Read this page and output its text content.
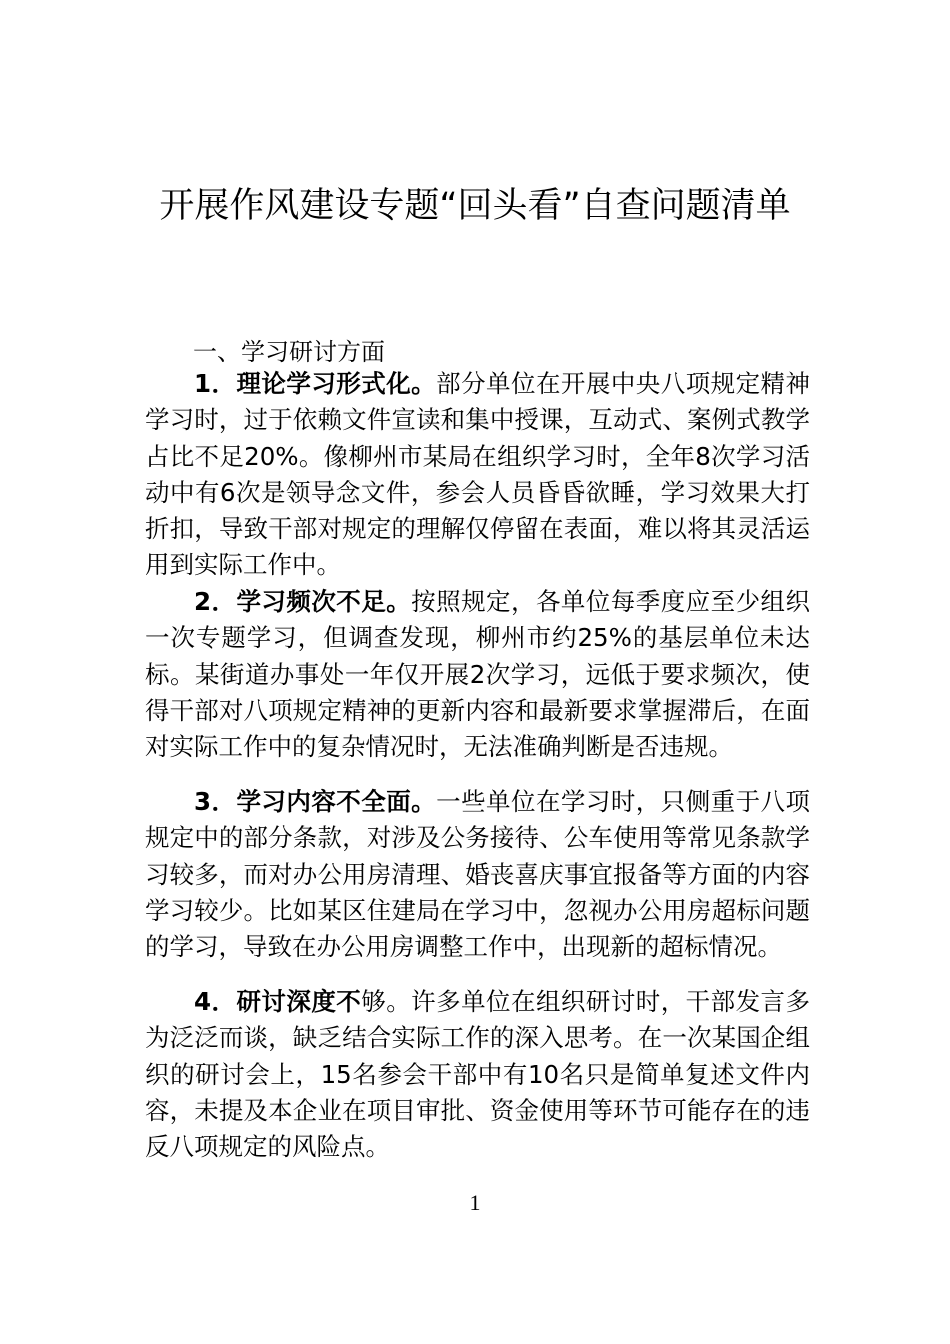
开展作风建设专题“回头看”自查问题清单

一、学习研讨方面

1．理论学习形式化。部分单位在开展中央八项规定精神学习时，过于依赖文件宣读和集中授课，互动式、案例式教学占比不足20%。像柳州市某局在组织学习时，全年8次学习活动中有6次是领导念文件，参会人员昏昏欲睡，学习效果大打折扣，导致干部对规定的理解仅停留在表面，难以将其灵活运用到实际工作中。

2．学习频次不足。按照规定，各单位每季度应至少组织一次专题学习，但调查发现，柳州市约25%的基层单位未达标。某街道办事处一年仅开展2次学习，远低于要求频次，使得干部对八项规定精神的更新内容和最新要求掌握滞后，在面对实际工作中的复杂情况时，无法准确判断是否违规。

3．学习内容不全面。一些单位在学习时，只侧重于八项规定中的部分条款，对涉及公务接待、公车使用等常见条款学习较多，而对办公用房清理、婚丧喜庆事宜报备等方面的内容学习较少。比如某区住建局在学习中，忽视办公用房超标问题的学习，导致在办公用房调整工作中，出现新的超标情况。

4．研讨深度不够。许多单位在组织研讨时，干部发言多为泛泛而谈，缺乏结合实际工作的深入思考。在一次某国企组织的研讨会上，15名参会干部中有10名只是简单复述文件内容，未提及本企业在项目审批、资金使用等环节可能存在的违反八项规定的风险点。

1
